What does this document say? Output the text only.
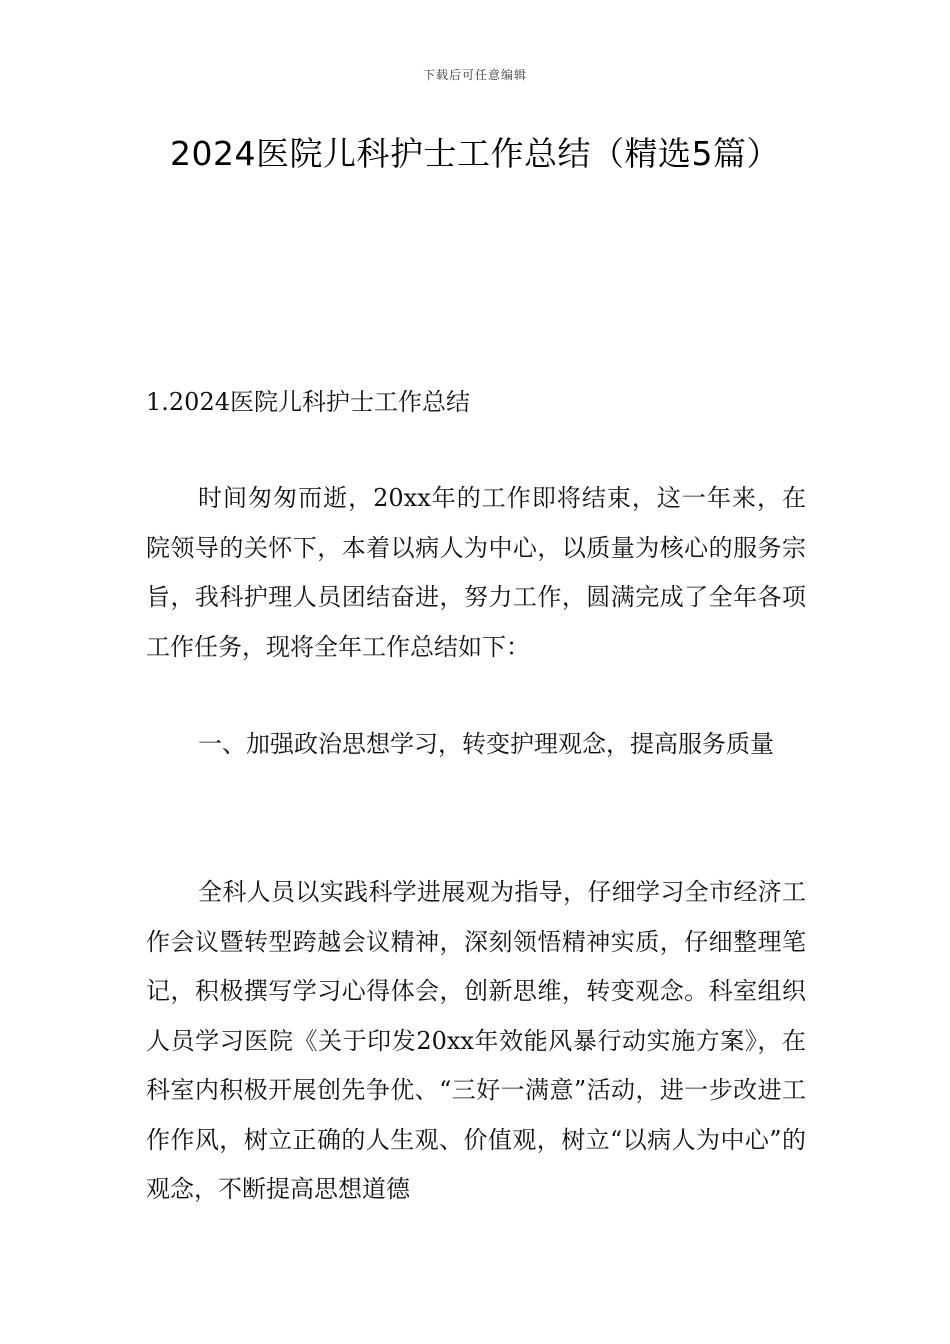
下载后可任意编辑
2024医院儿科护士工作总结（精选5篇）
1.2024医院儿科护士工作总结

时间匆匆而逝，20xx年的工作即将结束，这一年来，在院领导的关怀下，本着以病人为中心，以质量为核心的服务宗旨，我科护理人员团结奋进，努力工作，圆满完成了全年各项工作任务，现将全年工作总结如下：

一、加强政治思想学习，转变护理观念，提高服务质量

全科人员以实践科学进展观为指导，仔细学习全市经济工作会议暨转型跨越会议精神，深刻领悟精神实质，仔细整理笔记，积极撰写学习心得体会，创新思维，转变观念。科室组织人员学习医院《关于印发20xx年效能风暴行动实施方案》，在科室内积极开展创先争优、“三好一满意”活动，进一步改进工作作风，树立正确的人生观、价值观，树立“以病人为中心”的观念，不断提高思想道德
